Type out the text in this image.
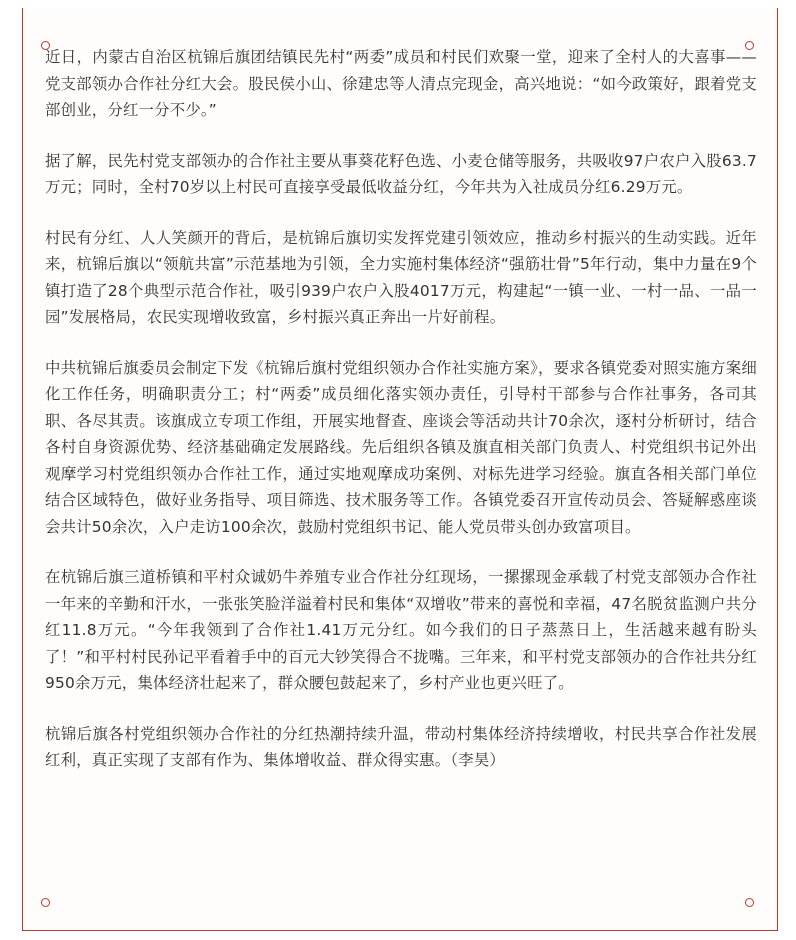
近日，内蒙古自治区杭锦后旗团结镇民先村“两委”成员和村民们欢聚一堂，迎来了全村人的大喜事——党支部领办合作社分红大会。股民侯小山、徐建忠等人清点完现金，高兴地说：“如今政策好，跟着党支部创业，分红一分不少。”

据了解，民先村党支部领办的合作社主要从事葵花籽色选、小麦仓储等服务，共吸收97户农户入股63.7万元；同时，全村70岁以上村民可直接享受最低收益分红，今年共为入社成员分红6.29万元。

村民有分红、人人笑颜开的背后，是杭锦后旗切实发挥党建引领效应，推动乡村振兴的生动实践。近年来，杭锦后旗以“领航共富”示范基地为引领，全力实施村集体经济“强筋壮骨”5年行动，集中力量在9个镇打造了28个典型示范合作社，吸引939户农户入股4017万元，构建起“一镇一业、一村一品、一品一园”发展格局，农民实现增收致富，乡村振兴真正奔出一片好前程。

中共杭锦后旗委员会制定下发《杭锦后旗村党组织领办合作社实施方案》，要求各镇党委对照实施方案细化工作任务，明确职责分工；村“两委”成员细化落实领办责任，引导村干部参与合作社事务，各司其职、各尽其责。该旗成立专项工作组，开展实地督查、座谈会等活动共计70余次，逐村分析研讨，结合各村自身资源优势、经济基础确定发展路线。先后组织各镇及旗直相关部门负责人、村党组织书记外出观摩学习村党组织领办合作社工作，通过实地观摩成功案例、对标先进学习经验。旗直各相关部门单位结合区域特色，做好业务指导、项目筛选、技术服务等工作。各镇党委召开宣传动员会、答疑解惑座谈会共计50余次，入户走访100余次，鼓励村党组织书记、能人党员带头创办致富项目。

在杭锦后旗三道桥镇和平村众诚奶牛养殖专业合作社分红现场，一摞摞现金承载了村党支部领办合作社一年来的辛勤和汗水，一张张笑脸洋溢着村民和集体“双增收”带来的喜悦和幸福，47名脱贫监测户共分红11.8万元。“今年我领到了合作社1.41万元分红。如今我们的日子蒸蒸日上，生活越来越有盼头了！”和平村村民孙记平看着手中的百元大钞笑得合不拢嘴。三年来，和平村党支部领办的合作社共分红950余万元，集体经济壮起来了，群众腰包鼓起来了，乡村产业也更兴旺了。

杭锦后旗各村党组织领办合作社的分红热潮持续升温，带动村集体经济持续增收，村民共享合作社发展红利，真正实现了支部有作为、集体增收益、群众得实惠。（李昊）
